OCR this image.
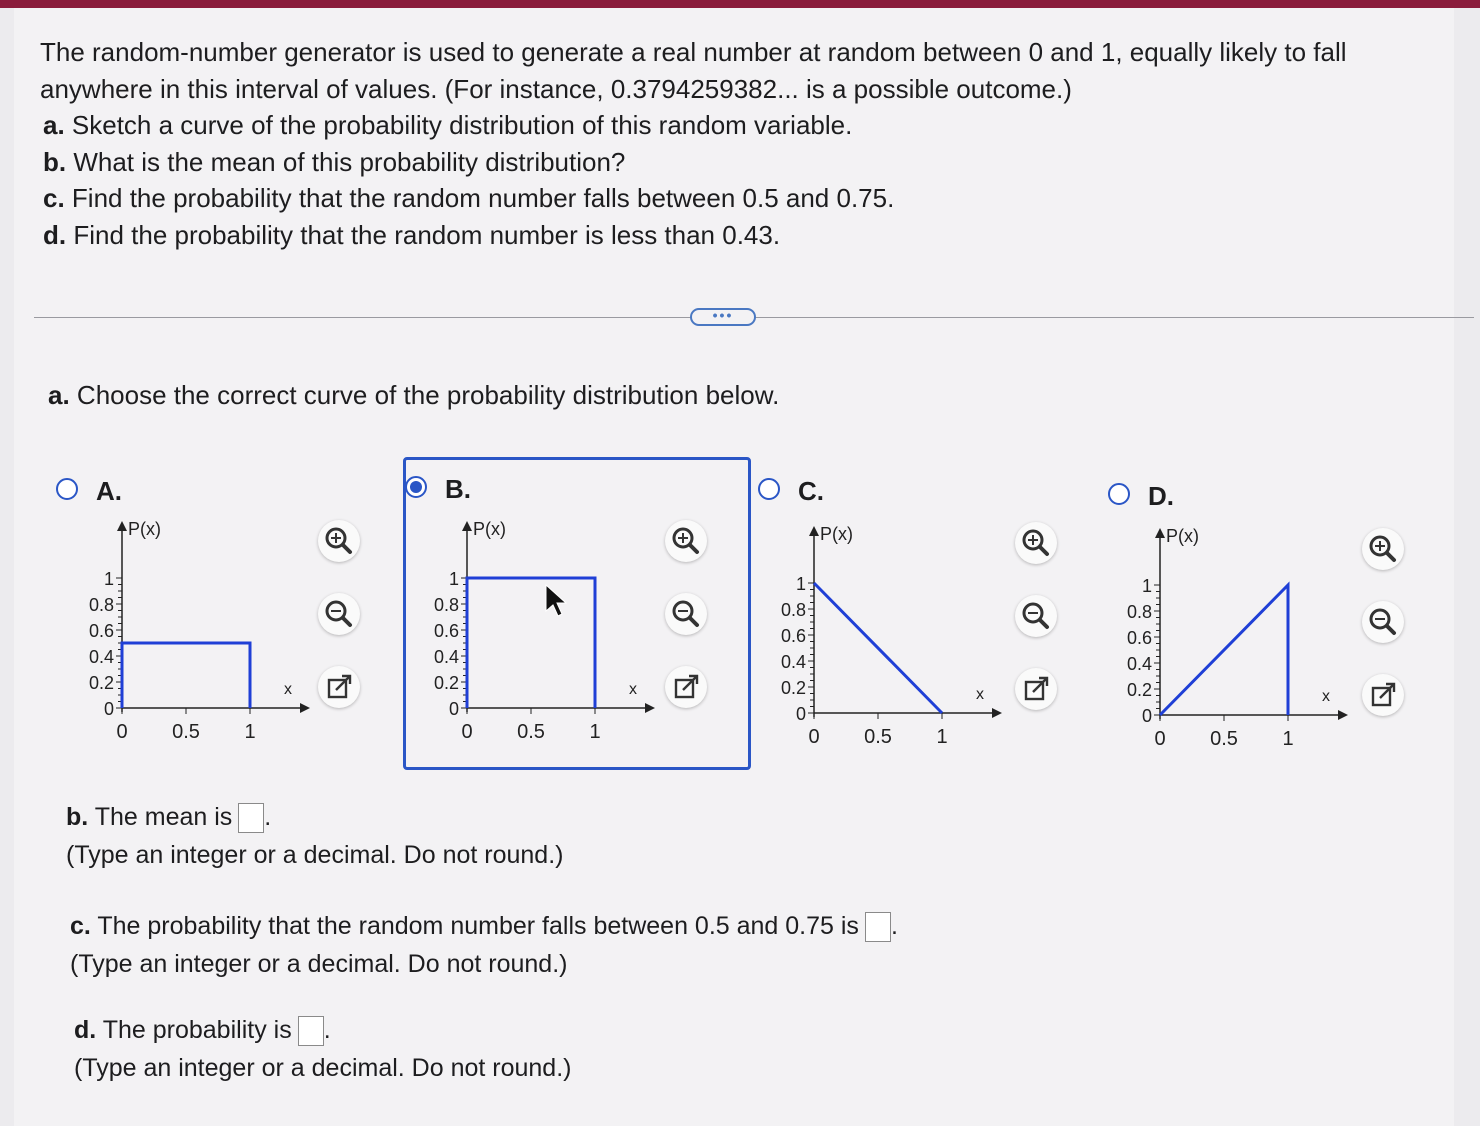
The random-number generator is used to generate a real number at random between 0 and 1, equally likely to fall

anywhere in this interval of values. (For instance, 0.3794259382... is a possible outcome.)

a. Sketch a curve of the probability distribution of this random variable.

b. What is the mean of this probability distribution?

c. Find the probability that the random number falls between 0.5 and 0.75.

d. Find the probability that the random number is less than 0.43.

•••
a. Choose the correct curve of the probability distribution below.
A.	B.	C.	D.
P(x)
x
1
0.8
0.6
0.4
0.2
0
0 0.5 1
P(x)
x
1
0.8
0.6
0.4
0.2
0
0 0.5 1
P(x)
x
1
0.8
0.6
0.4
0.2
0
0 0.5 1
P(x)
x
1
0.8
0.6
0.4
0.2
0
0 0.5 1
b. The mean is .
(Type an integer or a decimal. Do not round.)
c. The probability that the random number falls between 0.5 and 0.75 is .
(Type an integer or a decimal. Do not round.)
d. The probability is .
(Type an integer or a decimal. Do not round.)
